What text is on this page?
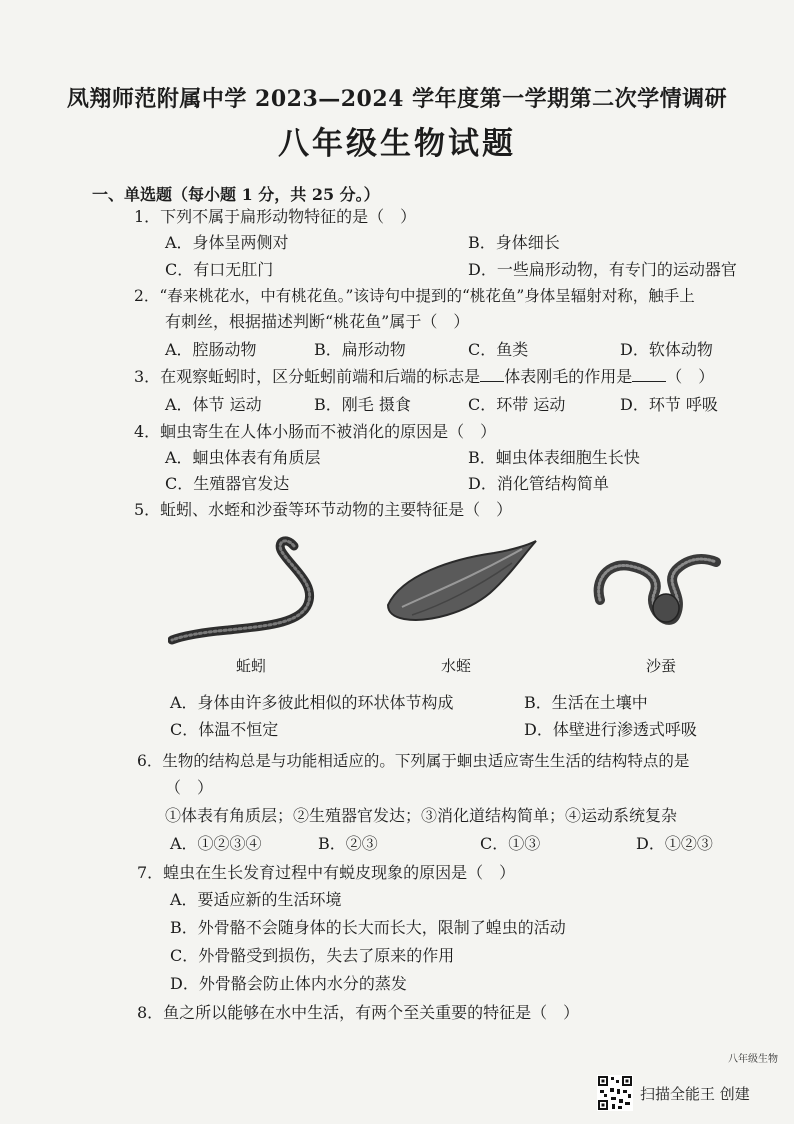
凤翔师范附属中学 2023—2024 学年度第一学期第二次学情调研
八年级生物试题
一、单选题（每小题 1 分，共 25 分。）
1．下列不属于扁形动物特征的是（　）
A．身体呈两侧对	B．身体细长
C．有口无肛门	D．一些扁形动物，有专门的运动器官
2．“春来桃花水，中有桃花鱼。”该诗句中提到的“桃花鱼”身体呈辐射对称，触手上
有刺丝，根据描述判断“桃花鱼”属于（　）
A．腔肠动物	B．扁形动物	C．鱼类	D．软体动物
3．在观察蚯蚓时，区分蚯蚓前端和后端的标志是 体表刚毛的作用是 （　）
A．体节 运动	B．刚毛 摄食	C．环带 运动	D．环节 呼吸
4．蛔虫寄生在人体小肠而不被消化的原因是（　）
A．蛔虫体表有角质层	B．蛔虫体表细胞生长快
C．生殖器官发达	D．消化管结构简单
5．蚯蚓、水蛭和沙蚕等环节动物的主要特征是（　）
蚯蚓	水蛭	沙蚕
A．身体由许多彼此相似的环状体节构成	B．生活在土壤中
C．体温不恒定	D．体壁进行渗透式呼吸
6．生物的结构总是与功能相适应的。下列属于蛔虫适应寄生生活的结构特点的是
（　）
①体表有角质层；②生殖器官发达；③消化道结构简单；④运动系统复杂
A．①②③④	B．②③	C．①③	D．①②③
7．蝗虫在生长发育过程中有蜕皮现象的原因是（　）
A．要适应新的生活环境
B．外骨骼不会随身体的长大而长大，限制了蝗虫的活动
C．外骨骼受到损伤，失去了原来的作用
D．外骨骼会防止体内水分的蒸发
8．鱼之所以能够在水中生活，有两个至关重要的特征是（　）
八年级生物
扫描全能王 创建
